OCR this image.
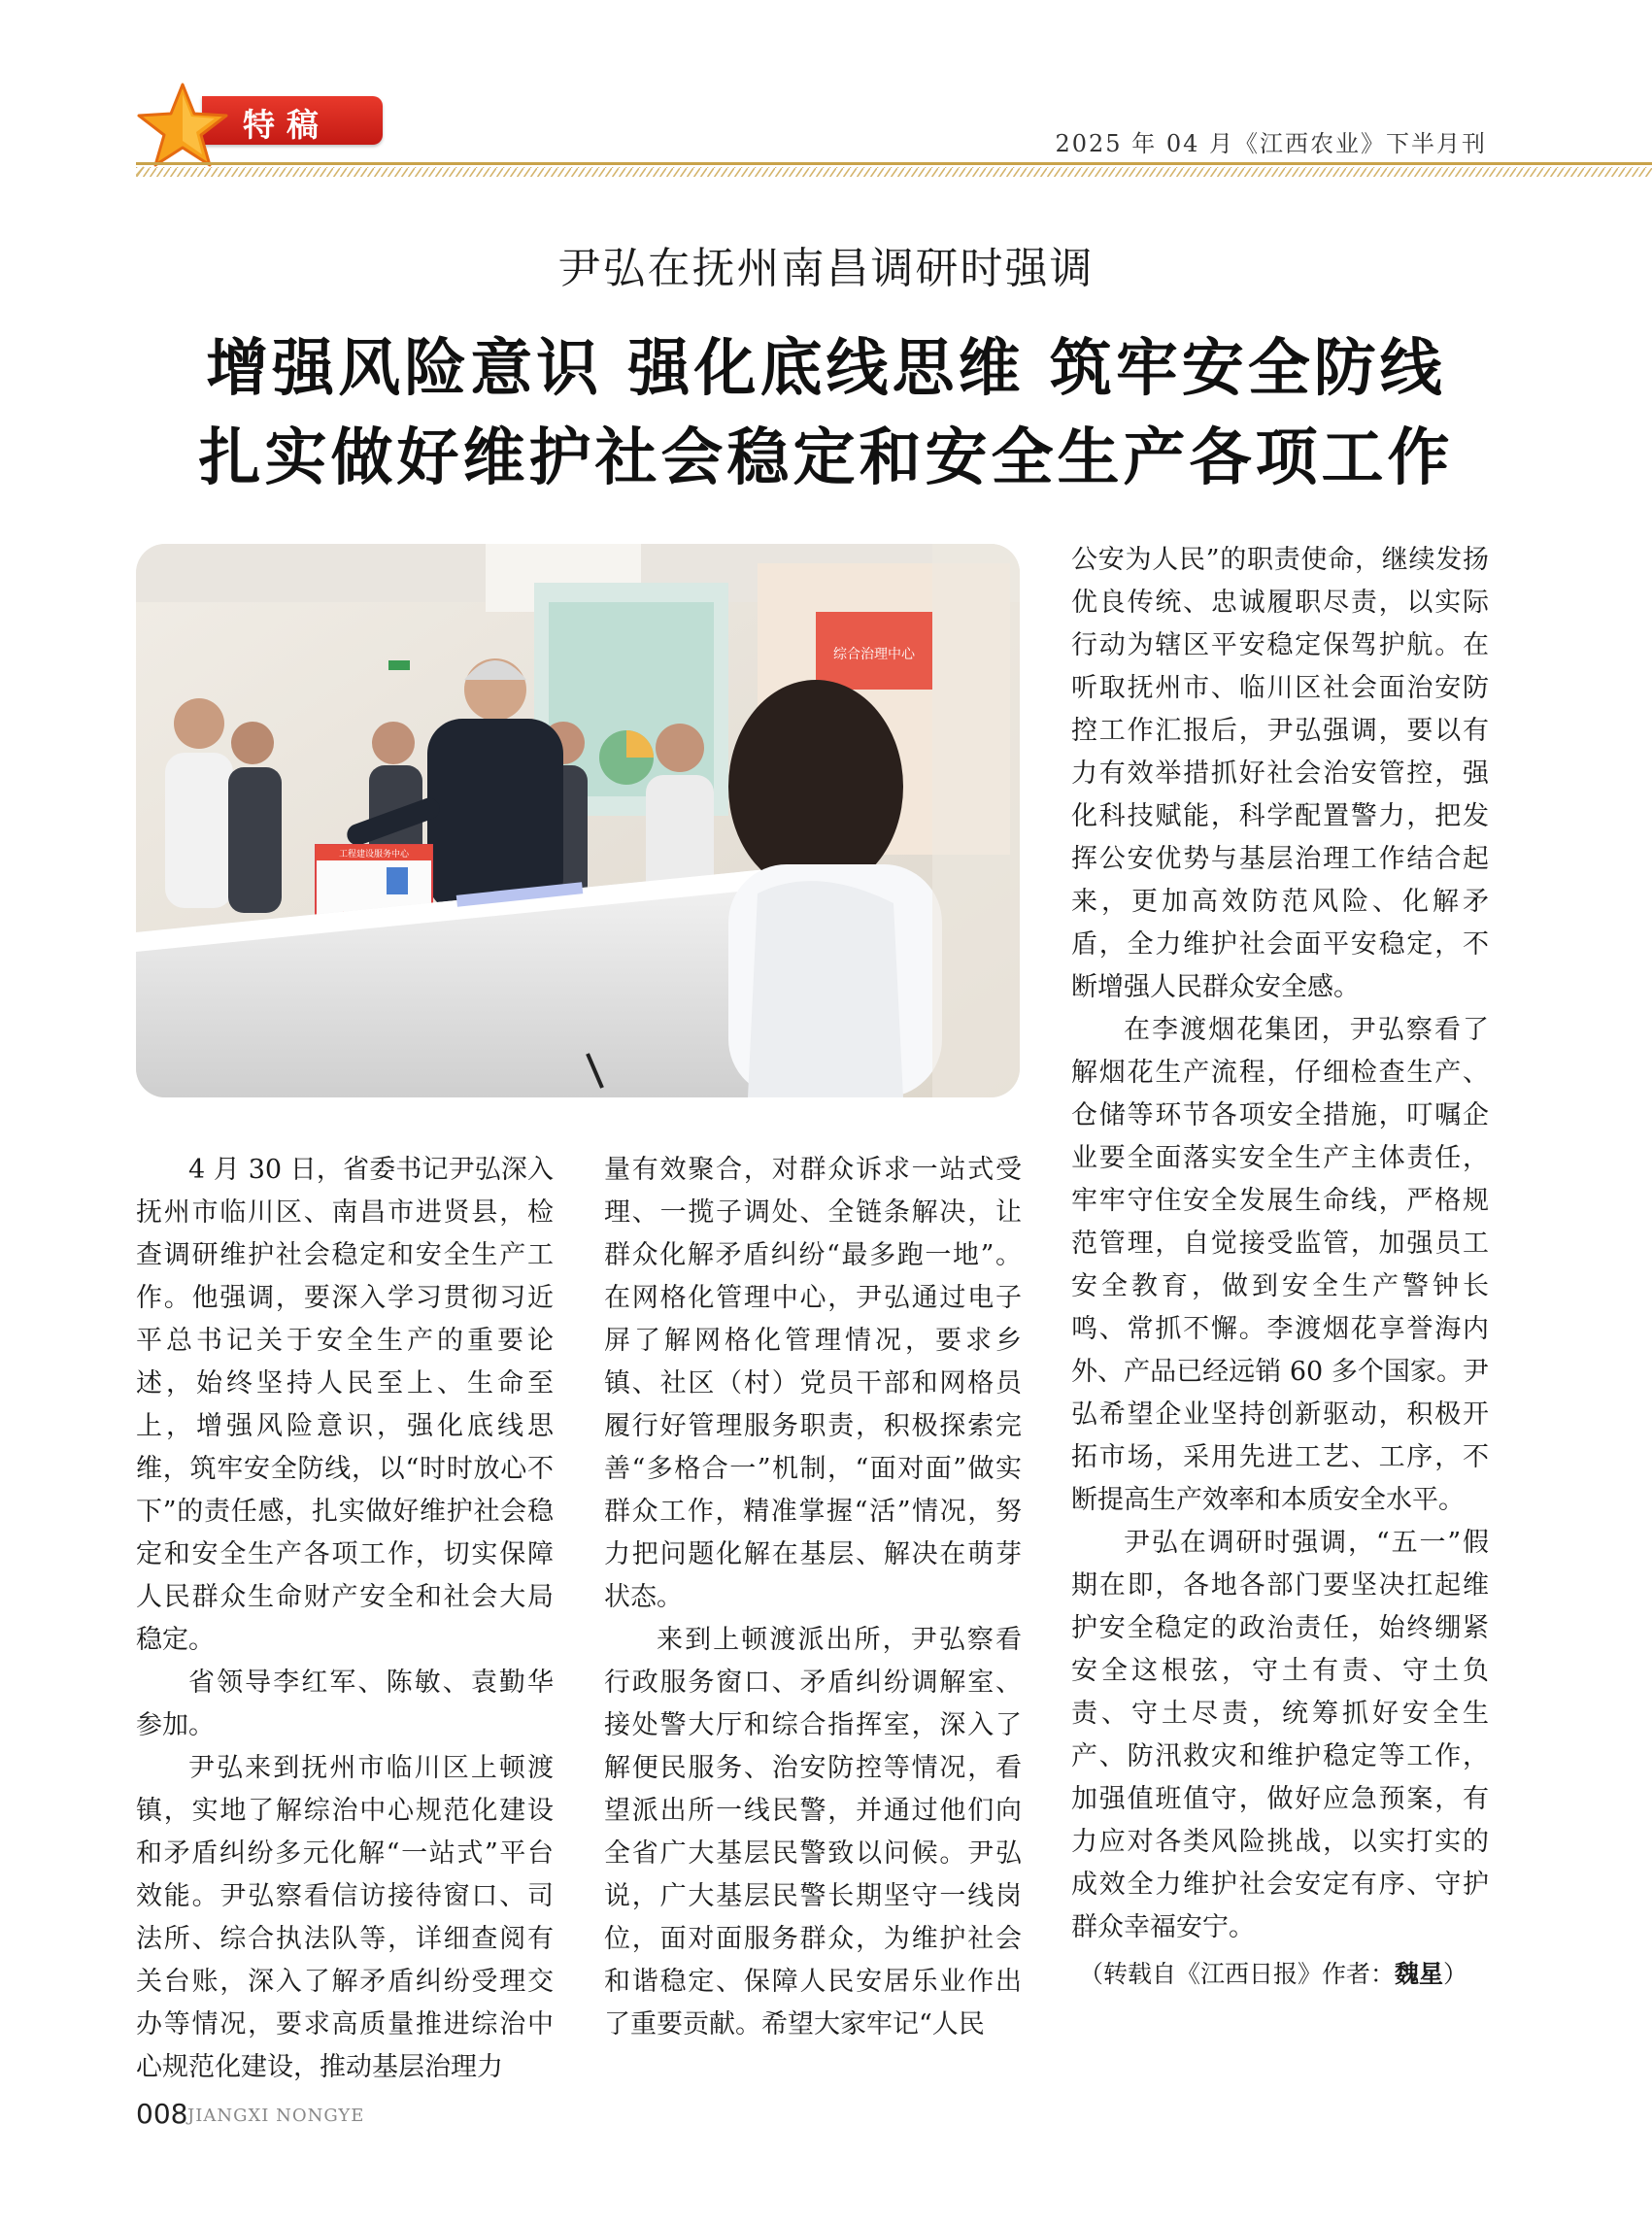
特稿	2025 年 04 月《江西农业》下半月刊
尹弘在抚州南昌调研时强调
增强风险意识 强化底线思维 筑牢安全防线
扎实做好维护社会稳定和安全生产各项工作
综合治理中心
工程建设服务中心

4 月 30 日，省委书记尹弘深入抚州市临川区、南昌市进贤县，检查调研维护社会稳定和安全生产工作。他强调，要深入学习贯彻习近平总书记关于安全生产的重要论述，始终坚持人民至上、生命至上，增强风险意识，强化底线思维，筑牢安全防线，以“时时放心不下”的责任感，扎实做好维护社会稳定和安全生产各项工作，切实保障人民群众生命财产安全和社会大局稳定。

省领导李红军、陈敏、袁勤华参加。

尹弘来到抚州市临川区上顿渡镇，实地了解综治中心规范化建设和矛盾纠纷多元化解“一站式”平台效能。尹弘察看信访接待窗口、司法所、综合执法队等，详细查阅有关台账，深入了解矛盾纠纷受理交办等情况，要求高质量推进综治中心规范化建设，推动基层治理力

量有效聚合，对群众诉求一站式受理、一揽子调处、全链条解决，让群众化解矛盾纠纷“最多跑一地”。在网格化管理中心，尹弘通过电子屏了解网格化管理情况，要求乡镇、社区（村）党员干部和网格员履行好管理服务职责，积极探索完善“多格合一”机制，“面对面”做实群众工作，精准掌握“活”情况，努力把问题化解在基层、解决在萌芽状态。

来到上顿渡派出所，尹弘察看行政服务窗口、矛盾纠纷调解室、接处警大厅和综合指挥室，深入了解便民服务、治安防控等情况，看望派出所一线民警，并通过他们向全省广大基层民警致以问候。尹弘说，广大基层民警长期坚守一线岗位，面对面服务群众，为维护社会和谐稳定、保障人民安居乐业作出了重要贡献。希望大家牢记“人民

公安为人民”的职责使命，继续发扬优良传统、忠诚履职尽责，以实际行动为辖区平安稳定保驾护航。在听取抚州市、临川区社会面治安防控工作汇报后，尹弘强调，要以有力有效举措抓好社会治安管控，强化科技赋能，科学配置警力，把发挥公安优势与基层治理工作结合起来，更加高效防范风险、化解矛盾，全力维护社会面平安稳定，不断增强人民群众安全感。

在李渡烟花集团，尹弘察看了解烟花生产流程，仔细检查生产、仓储等环节各项安全措施，叮嘱企业要全面落实安全生产主体责任，牢牢守住安全发展生命线，严格规范管理，自觉接受监管，加强员工安全教育，做到安全生产警钟长鸣、常抓不懈。李渡烟花享誉海内外、产品已经远销 60 多个国家。尹弘希望企业坚持创新驱动，积极开拓市场，采用先进工艺、工序，不断提高生产效率和本质安全水平。

尹弘在调研时强调，“五一”假期在即，各地各部门要坚决扛起维护安全稳定的政治责任，始终绷紧安全这根弦，守土有责、守土负责、守土尽责，统筹抓好安全生产、防汛救灾和维护稳定等工作，加强值班值守，做好应急预案，有力应对各类风险挑战，以实打实的成效全力维护社会安定有序、守护群众幸福安宁。

（转载自《江西日报》作者：魏星）

008 JIANGXI NONGYE
